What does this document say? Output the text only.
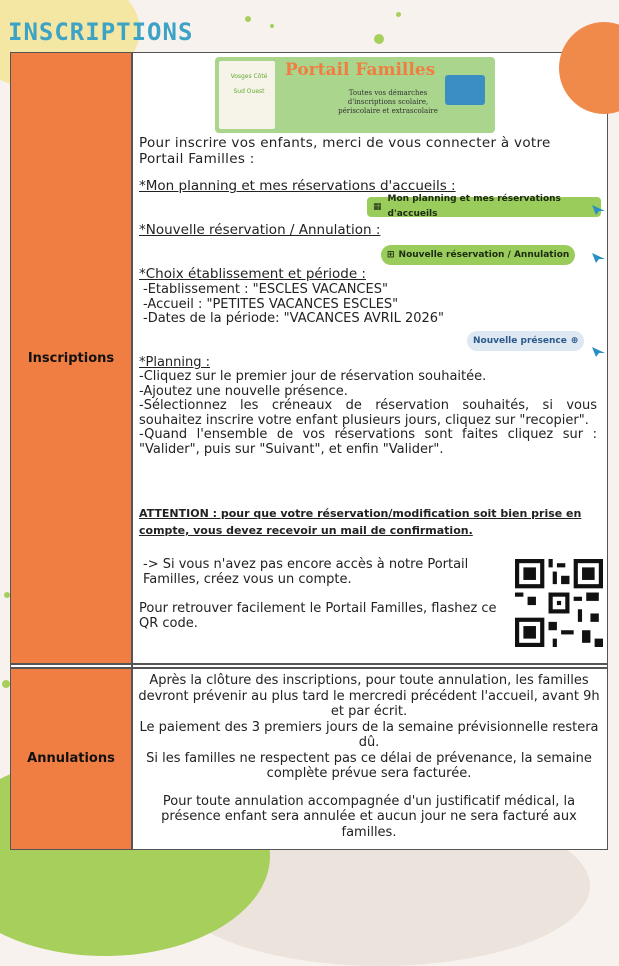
INSCRIPTIONS
Inscriptions
Annulations
Vosges Côté Sud Ouest
Portail Familles
Toutes vos démarches d'inscriptions scolaire, périscolaire et extrascolaire
Pour inscrire vos enfants, merci de vous connecter à votre Portail Familles :
*Mon planning et mes réservations d'accueils :
▦
Mon planning et mes réservations d'accueils
*Nouvelle réservation / Annulation :
⊞ Nouvelle réservation / Annulation
*Choix établissement et période :
-Etablissement : "ESCLES VACANCES"
-Accueil : "PETITES VACANCES ESCLES"
-Dates de la période: "VACANCES AVRIL 2026"
Nouvelle présence ⊕
*Planning :
-Cliquez sur le premier jour de réservation souhaitée.
-Ajoutez une nouvelle présence.
-Sélectionnez les créneaux de réservation souhaités, si vous souhaitez inscrire votre enfant plusieurs jours, cliquez sur "recopier".
-Quand l'ensemble de vos réservations sont faites cliquez sur : "Valider", puis sur "Suivant", et enfin "Valider".
ATTENTION : pour que votre réservation/modification soit bien prise en compte, vous devez recevoir un mail de confirmation.
-> Si vous n'avez pas encore accès à notre Portail Familles, créez vous un compte.
Pour retrouver facilement le Portail Familles, flashez ce QR code.
Après la clôture des inscriptions, pour toute annulation, les familles devront prévenir au plus tard le mercredi précédent l'accueil, avant 9h et par écrit.
Le paiement des 3 premiers jours de la semaine prévisionnelle restera dû.
Si les familles ne respectent pas ce délai de prévenance, la semaine complète prévue sera facturée.
Pour toute annulation accompagnée d'un justificatif médical, la présence enfant sera annulée et aucun jour ne sera facturé aux familles.
